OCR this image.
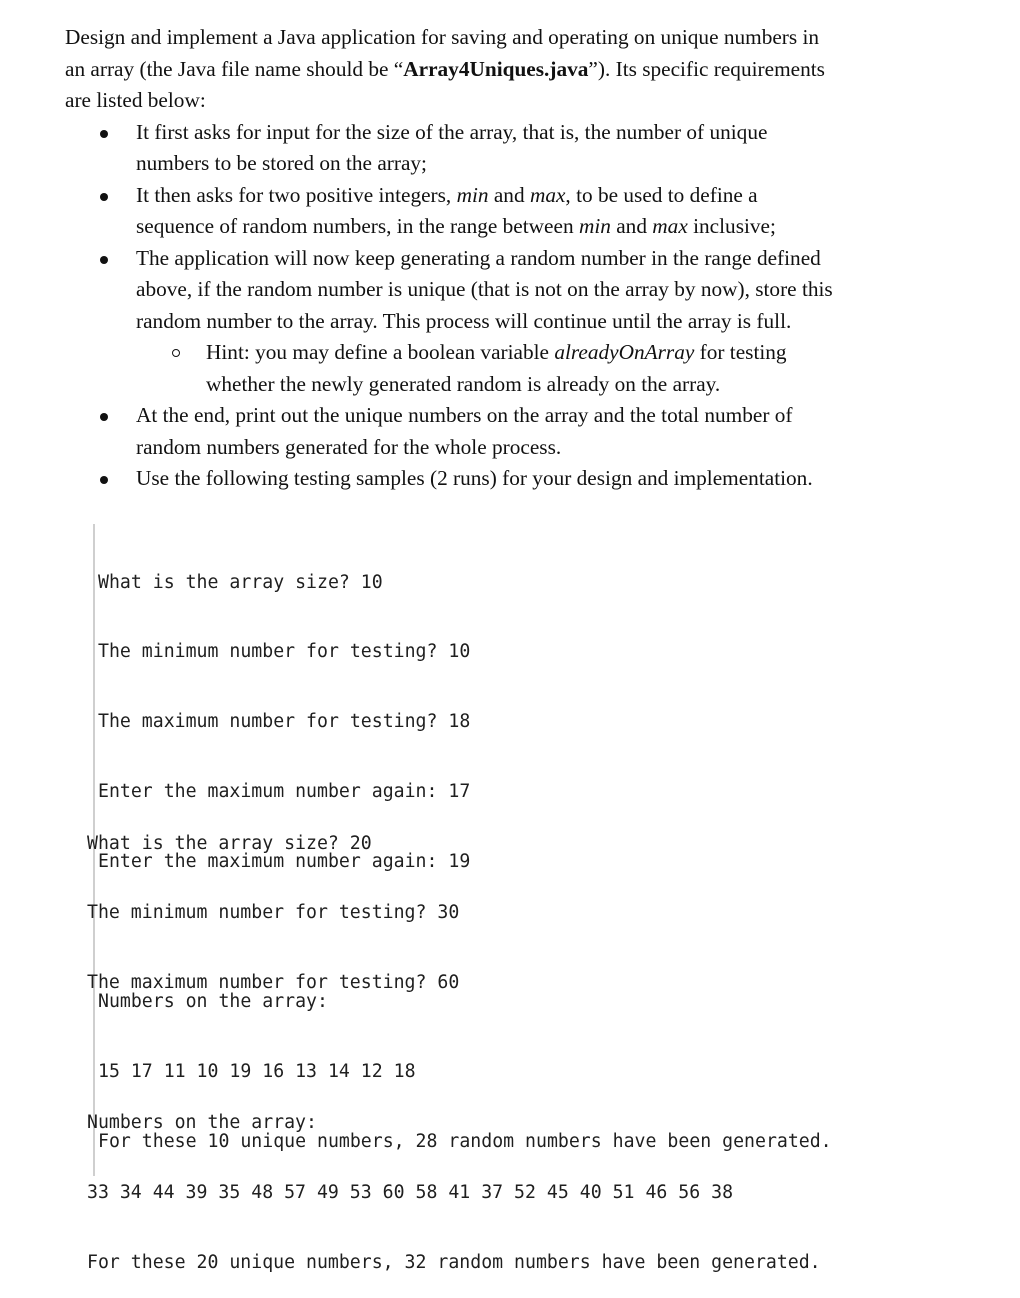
Design and implement a Java application for saving and operating on unique numbers in
an array (the Java file name should be “Array4Uniques.java”). Its specific requirements
are listed below:

It first asks for input for the size of the array, that is, the number of unique
numbers to be stored on the array;
It then asks for two positive integers, min and max, to be used to define a
sequence of random numbers, in the range between min and max inclusive;
The application will now keep generating a random number in the range defined
above, if the random number is unique (that is not on the array by now), store this
random number to the array. This process will continue until the array is full.
Hint: you may define a boolean variable alreadyOnArray for testing
whether the newly generated random is already on the array.
At the end, print out the unique numbers on the array and the total number of
random numbers generated for the whole process.
Use the following testing samples (2 runs) for your design and implementation.

What is the array size? 10

The minimum number for testing? 10

The maximum number for testing? 18

Enter the maximum number again: 17

Enter the maximum number again: 19

Numbers on the array:

15 17 11 10 19 16 13 14 12 18

For these 10 unique numbers, 28 random numbers have been generated.

What is the array size? 20

The minimum number for testing? 30

The maximum number for testing? 60

Numbers on the array:

33 34 44 39 35 48 57 49 53 60 58 41 37 52 45 40 51 46 56 38

For these 20 unique numbers, 32 random numbers have been generated.
